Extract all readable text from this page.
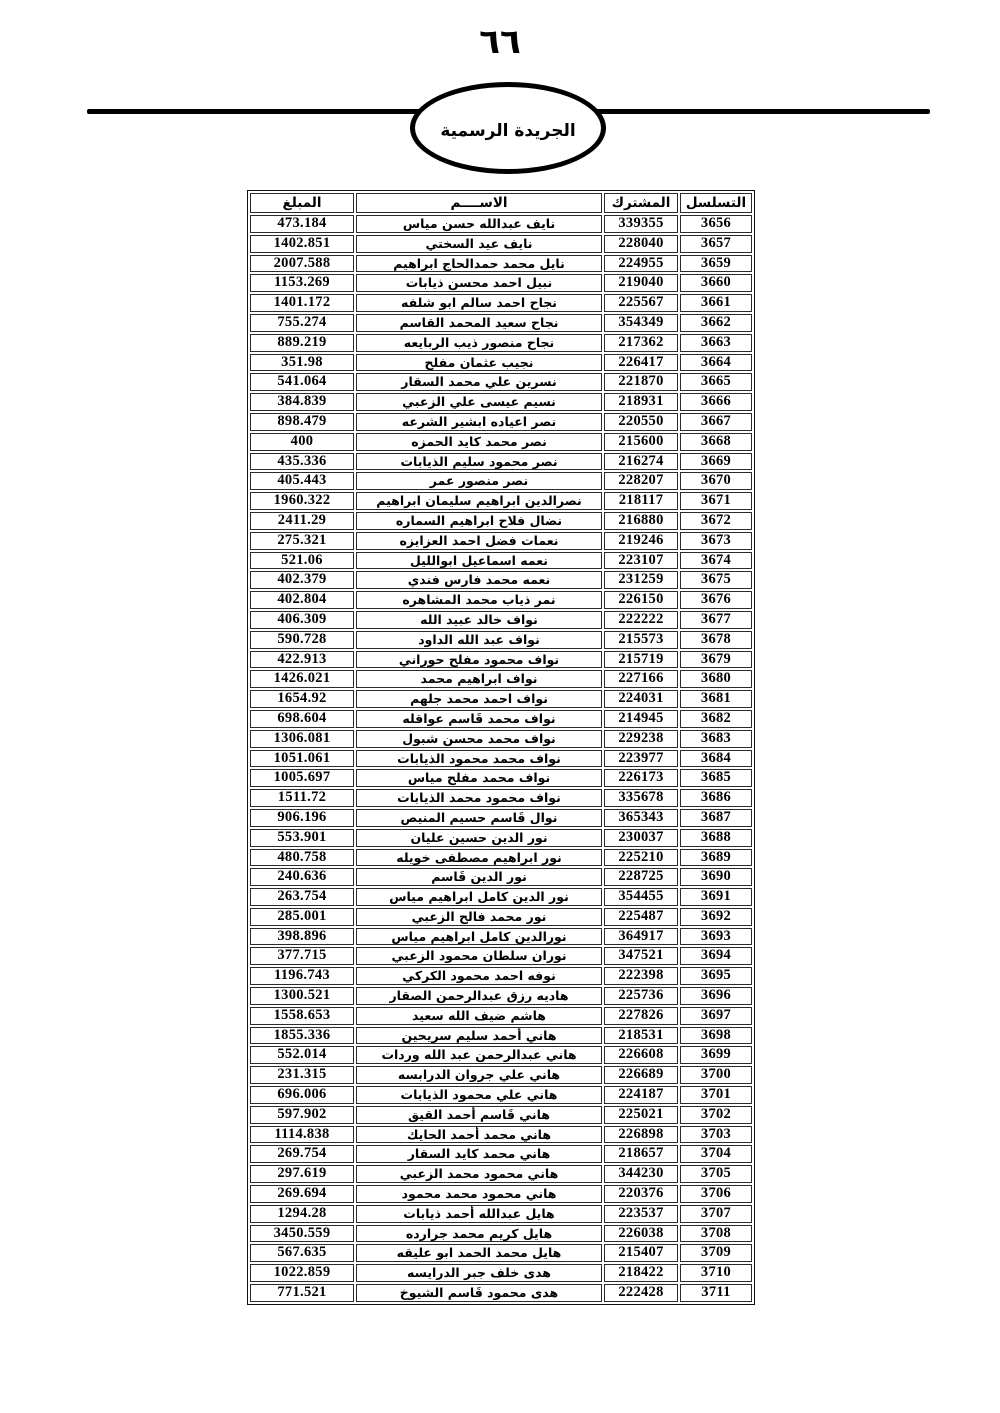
٦٦
الجريدة الرسمية
التسلسل	المشترك	الاســــم	المبلغ
3656	339355	نايف عبدالله حسن مياس	473.184
3657	228040	نايف عيد السختي	1402.851
3659	224955	نايل محمد حمدالحاج ابراهيم	2007.588
3660	219040	نبيل احمد محسن ذيابات	1153.269
3661	225567	نجاح احمد سالم ابو شلفه	1401.172
3662	354349	نجاح سعيد المحمد القاسم	755.274
3663	217362	نجاح منصور ذيب الربايعه	889.219
3664	226417	نجيب عثمان مفلح	351.98
3665	221870	نسرين علي محمد السقار	541.064
3666	218931	نسيم عيسى علي الزعبي	384.839
3667	220550	نصر اعياده ابشير الشرعه	898.479
3668	215600	نصر محمد كايد الحمزه	400
3669	216274	نصر محمود سليم الذيابات	435.336
3670	228207	نصر منصور عمر	405.443
3671	218117	نصرالدين ابراهيم سليمان ابراهيم	1960.322
3672	216880	نضال فلاح ابراهيم السماره	2411.29
3673	219246	نعمات فضل احمد العزايزه	275.321
3674	223107	نعمه اسماعيل ابوالليل	521.06
3675	231259	نعمه محمد فارس فندي	402.379
3676	226150	نمر ذياب محمد المشاهره	402.804
3677	222222	نواف خالد عبيد الله	406.309
3678	215573	نواف عبد الله الداود	590.728
3679	215719	نواف محمود مفلح حوراني	422.913
3680	227166	نواف ابراهيم محمد	1426.021
3681	224031	نواف احمد محمد جلهم	1654.92
3682	214945	نواف محمد قَاسم عواقله	698.604
3683	229238	نواف محمد محسن شبول	1306.081
3684	223977	نواف محمد محمود الذيابات	1051.061
3685	226173	نواف محمد مفلح مياس	1005.697
3686	335678	نواف محمود محمد الذيابات	1511.72
3687	365343	نوال قَاسم حسيم المنيص	906.196
3688	230037	نور الدين حسين عليان	553.901
3689	225210	نور ابراهيم مصطفى خويله	480.758
3690	228725	نور الدين قَاسم	240.636
3691	354455	نور الدين كامل ابراهيم مياس	263.754
3692	225487	نور محمد فالح الزعبي	285.001
3693	364917	نورالدين كامل ابراهيم مياس	398.896
3694	347521	نوران سلطان محمود الزعبي	377.715
3695	222398	نوفه احمد محمود الكركي	1196.743
3696	225736	هاديه رزق عبدالرحمن الصقار	1300.521
3697	227826	هاشم ضيف الله سعيد	1558.653
3698	218531	هاني أحمد سليم سريحين	1855.336
3699	226608	هاني عبدالرحمن عبد الله وردات	552.014
3700	226689	هاني علي جروان الدرابسه	231.315
3701	224187	هاني علي محمود الذيابات	696.006
3702	225021	هاني قَاسم أحمد القيق	597.902
3703	226898	هاني محمد أحمد الحايك	1114.838
3704	218657	هاني محمد كايد السقار	269.754
3705	344230	هاني محمود محمد الزعبي	297.619
3706	220376	هاني محمود محمد محمود	269.694
3707	223537	هايل عبدالله أحمد ذيابات	1294.28
3708	226038	هايل كريم محمد جرارده	3450.559
3709	215407	هايل محمد الحمد ابو عليقه	567.635
3710	218422	هدى خلف جبر الدرايسه	1022.859
3711	222428	هدى محمود قَاسم الشيوخ	771.521
